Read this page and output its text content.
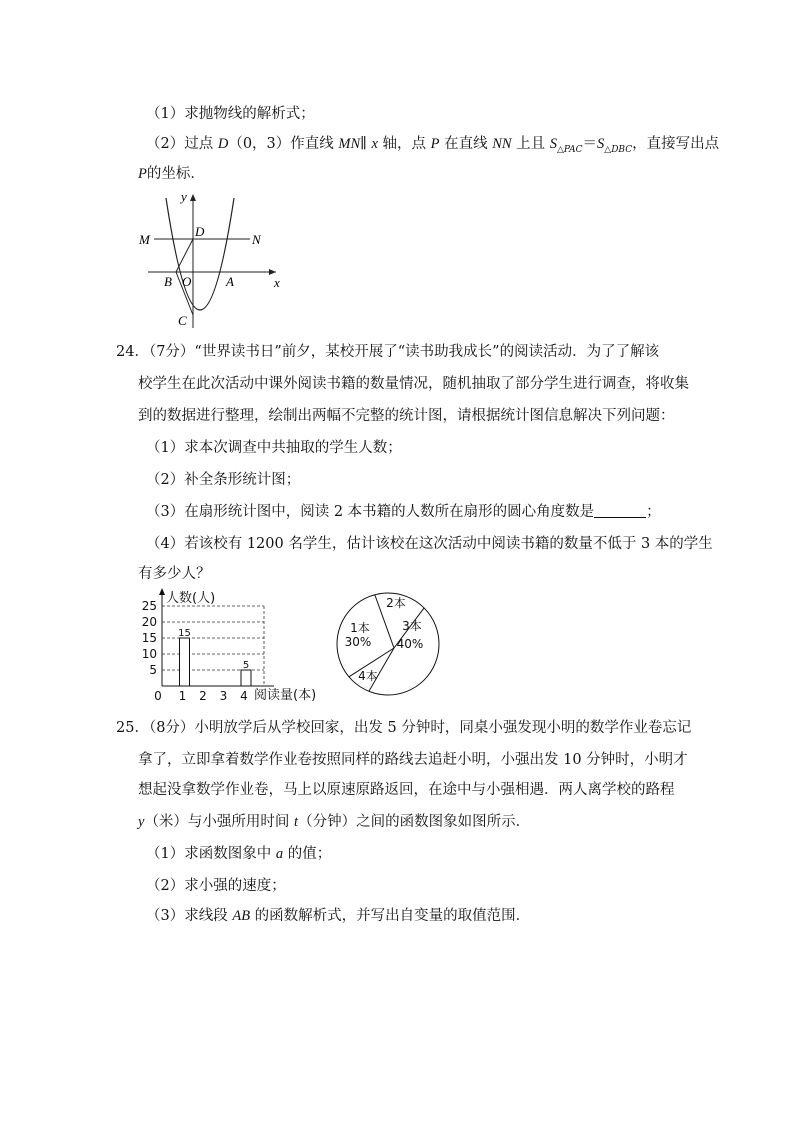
（1）求抛物线的解析式；
（2）过点 D（0，3）作直线 MN∥ x 轴，点 P 在直线 NN 上且 $S_{\triangle PAC}=S_{\triangle DBC}$，直接写出点
P的坐标．
y
x
M	N
D
B O	A
C
24．（7分）“世界读书日”前夕，某校开展了“读书助我成长”的阅读活动．为了了解该
校学生在此次活动中课外阅读书籍的数量情况，随机抽取了部分学生进行调查，将收集
到的数据进行整理，绘制出两幅不完整的统计图，请根据统计图信息解决下列问题：
（1）求本次调查中共抽取的学生人数；
（2）补全条形统计图；
（3）在扇形统计图中，阅读 2 本书籍的人数所在扇形的圆心角度数是	；
（4）若该校有 1200 名学生，估计该校在这次活动中阅读书籍的数量不低于 3 本的学生
有多少人？
5
10
15
20
25 人数(人)
阅读量(本)
0 1 2 3 4
15
5
1本
30%
2本
3本
40%
4本
25．（8分）小明放学后从学校回家，出发 5 分钟时，同桌小强发现小明的数学作业卷忘记
拿了，立即拿着数学作业卷按照同样的路线去追赶小明，小强出发 10 分钟时，小明才
想起没拿数学作业卷，马上以原速原路返回，在途中与小强相遇．两人离学校的路程
y（米）与小强所用时间 t（分钟）之间的函数图象如图所示．
（1）求函数图象中 a 的值；
（2）求小强的速度；
（3）求线段 AB 的函数解析式，并写出自变量的取值范围．
